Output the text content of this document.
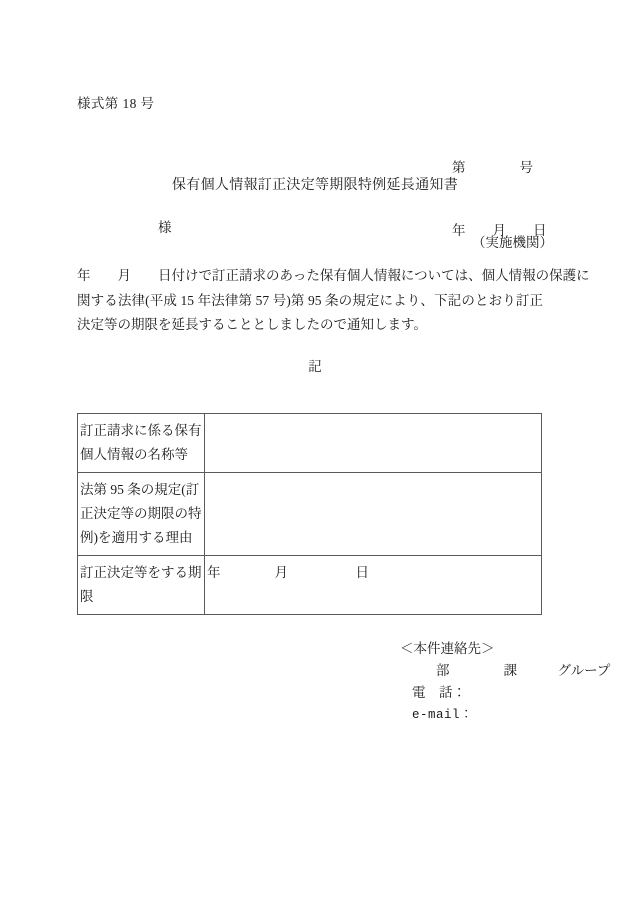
様式第 18 号

第　　　　号

年　　月　　日

保有個人情報訂正決定等期限特例延長通知書
様
（実施機関）
年　　月　　日付けで訂正請求のあった保有個人情報については、個人情報の保護に関する法律(平成 15 年法律第 57 号)第 95 条の規定により、下記のとおり訂正決定等の期限を延長することとしましたので通知します。
記
訂正請求に係る保有個人情報の名称等	
法第 95 条の規定(訂正決定等の期限の特例)を適用する理由	
訂正決定等をする期限	年　　　　月　　　　　日
＜本件連絡先＞
部　　　　課　　　グループ
電　話：
e-mail：
